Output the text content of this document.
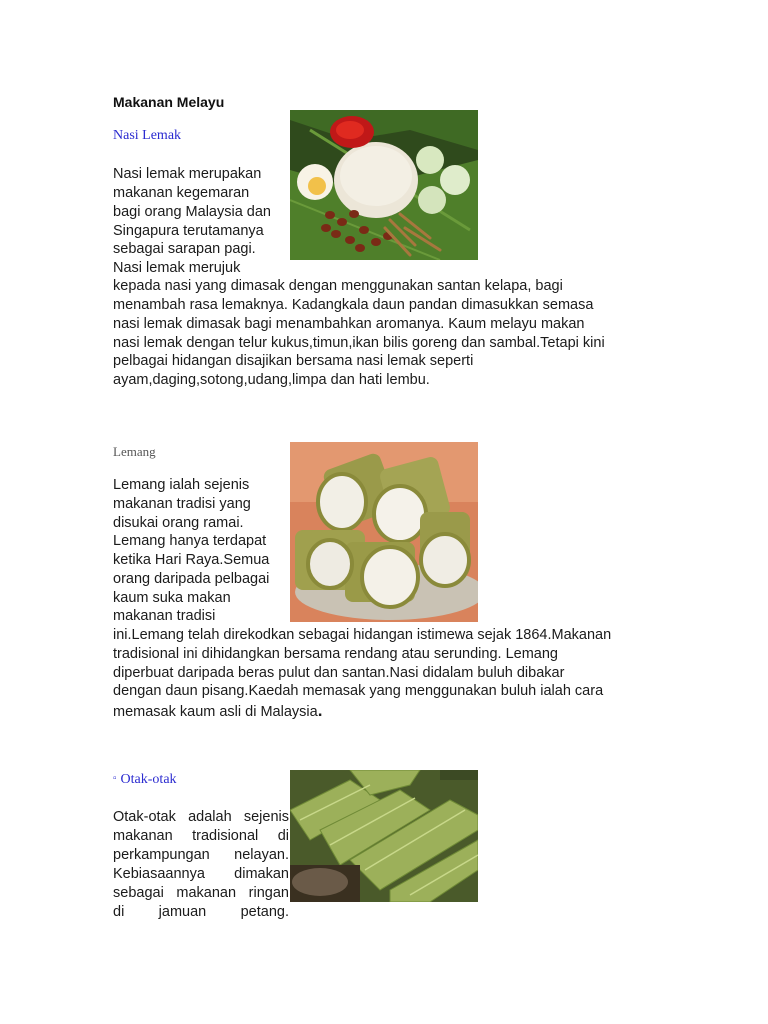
Makanan Melayu
Nasi Lemak
Nasi lemak merupakan
makanan kegemaran
bagi orang Malaysia dan
Singapura terutamanya
sebagai sarapan pagi.
Nasi lemak merujuk
kepada nasi yang dimasak dengan menggunakan santan kelapa, bagi
menambah rasa lemaknya. Kadangkala daun pandan dimasukkan semasa
nasi lemak dimasak bagi menambahkan aromanya. Kaum melayu makan
nasi lemak dengan telur kukus,timun,ikan bilis goreng dan sambal.Tetapi kini
pelbagai hidangan disajikan bersama nasi lemak seperti
ayam,daging,sotong,udang,limpa dan hati lembu.
Lemang
Lemang ialah sejenis
makanan tradisi yang
disukai orang ramai.
Lemang hanya terdapat
ketika Hari Raya.Semua
orang daripada pelbagai
kaum suka makan
makanan tradisi
ini.Lemang telah direkodkan sebagai hidangan istimewa sejak 1864.Makanan
tradisional ini dihidangkan bersama rendang atau serunding. Lemang
diperbuat daripada beras pulut dan santan.Nasi didalam buluh dibakar
dengan daun pisang.Kaedah memasak yang menggunakan buluh ialah cara
memasak kaum asli di Malaysia.
▫ Otak-otak
Otak-otak adalah sejenis
makanan tradisional di
perkampungan nelayan.
Kebiasaannya dimakan
sebagai makanan ringan
di jamuan petang.
